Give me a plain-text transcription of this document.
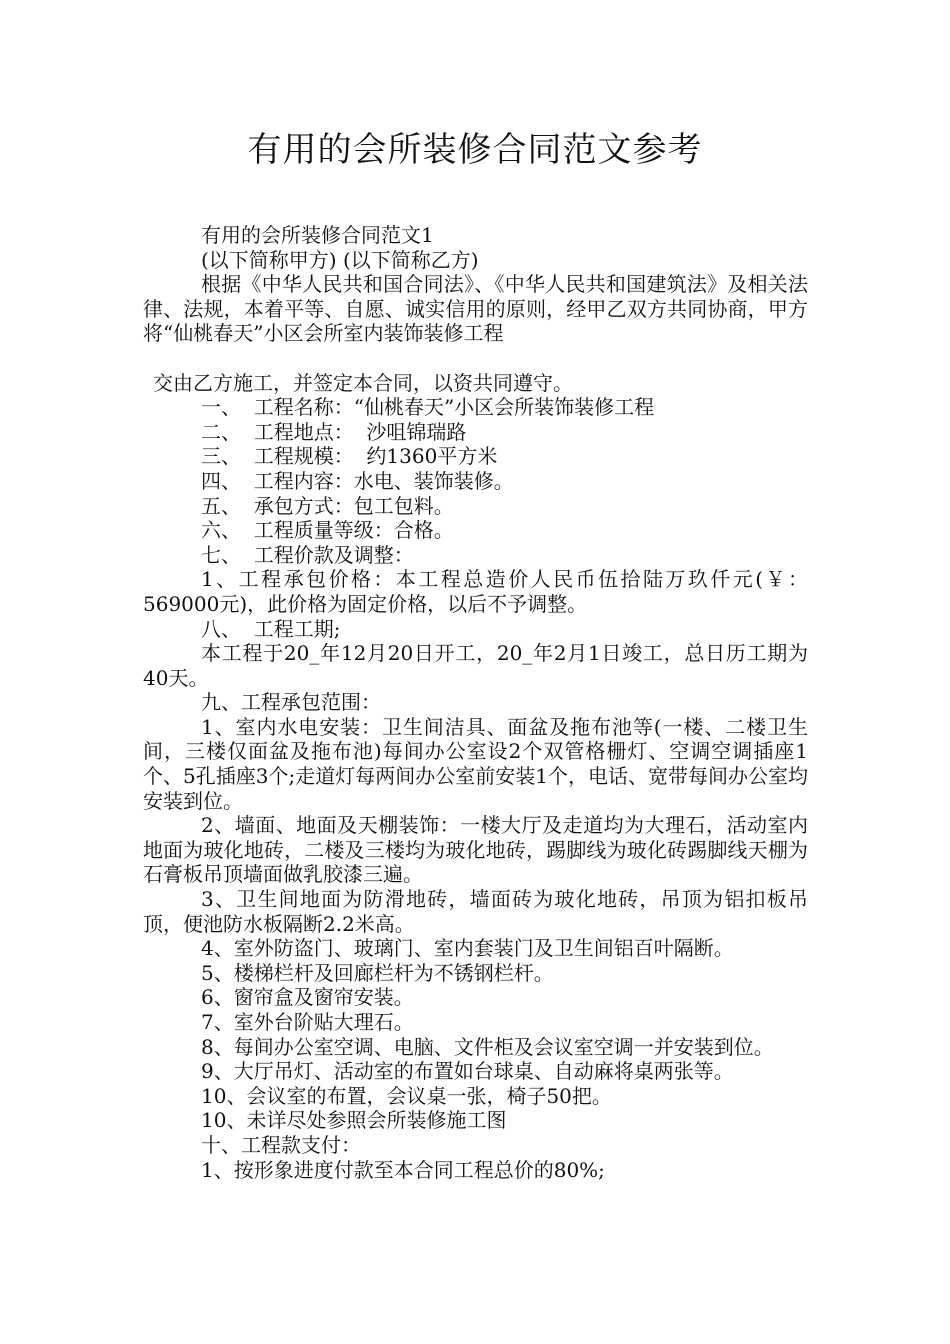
有用的会所装修合同范文参考

有用的会所装修合同范文1

(以下简称甲方) (以下简称乙方)

根据《中华人民共和国合同法》、《中华人民共和国建筑法》及相关法律、法规，本着平等、自愿、诚实信用的原则，经甲乙双方共同协商，甲方将“仙桃春天”小区会所室内装饰装修工程

交由乙方施工，并签定本合同，以资共同遵守。

一、  工程名称：“仙桃春天”小区会所装饰装修工程

二、  工程地点：  沙咀锦瑞路

三、  工程规模：  约1360平方米

四、  工程内容：水电、装饰装修。

五、  承包方式：包工包料。

六、  工程质量等级：合格。

七、  工程价款及调整：

1、工程承包价格：本工程总造价人民币伍拾陆万玖仟元(￥：569000元)，此价格为固定价格，以后不予调整。

八、  工程工期;

本工程于20_年12月20日开工，20_年2月1日竣工，总日历工期为40天。

九、工程承包范围：

1、室内水电安装：卫生间洁具、面盆及拖布池等(一楼、二楼卫生间，三楼仅面盆及拖布池)每间办公室设2个双管格栅灯、空调空调插座1个、5孔插座3个;走道灯每两间办公室前安装1个，电话、宽带每间办公室均安装到位。

2、墙面、地面及天棚装饰：一楼大厅及走道均为大理石，活动室内地面为玻化地砖，二楼及三楼均为玻化地砖，踢脚线为玻化砖踢脚线天棚为石膏板吊顶墙面做乳胶漆三遍。

3、卫生间地面为防滑地砖，墙面砖为玻化地砖，吊顶为铝扣板吊顶，便池防水板隔断2.2米高。

4、室外防盗门、玻璃门、室内套装门及卫生间铝百叶隔断。

5、楼梯栏杆及回廊栏杆为不锈钢栏杆。

6、窗帘盒及窗帘安装。

7、室外台阶贴大理石。

8、每间办公室空调、电脑、文件柜及会议室空调一并安装到位。

9、大厅吊灯、活动室的布置如台球桌、自动麻将桌两张等。

10、会议室的布置，会议桌一张，椅子50把。

10、未详尽处参照会所装修施工图

十、工程款支付：

1、按形象进度付款至本合同工程总价的80%;
